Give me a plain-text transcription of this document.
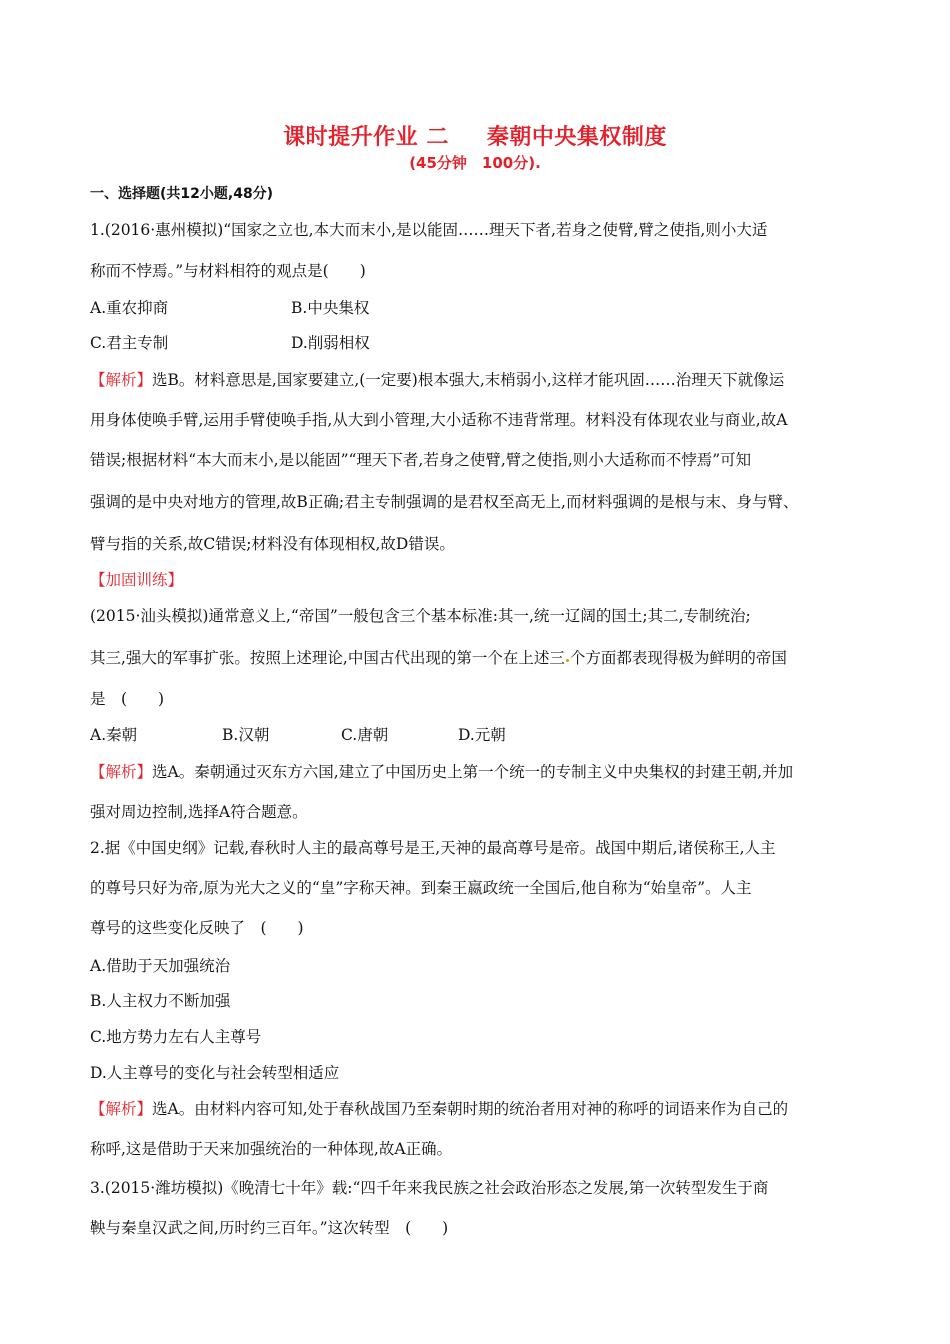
课时提升作业 二 秦朝中央集权制度
(45分钟　100分).
一、选择题(共12小题,48分)
1.(2016·惠州模拟)“国家之立也,本大而末小,是以能固……理天下者,若身之使臂,臂之使指,则小大适
称而不悖焉。”与材料相符的观点是(　　)
A.重农抑商	B.中央集权
C.君主专制	D.削弱相权
【解析】选B。材料意思是,国家要建立,(一定要)根本强大,末梢弱小,这样才能巩固……治理天下就像运
用身体使唤手臂,运用手臂使唤手指,从大到小管理,大小适称不违背常理。材料没有体现农业与商业,故A
错误;根据材料“本大而末小,是以能固”“理天下者,若身之使臂,臂之使指,则小大适称而不悖焉”可知
强调的是中央对地方的管理,故B正确;君主专制强调的是君权至高无上,而材料强调的是根与末、身与臂、
臂与指的关系,故C错误;材料没有体现相权,故D错误。
【加固训练】
(2015·汕头模拟)通常意义上,“帝国”一般包含三个基本标准:其一,统一辽阔的国土;其二,专制统治;
其三,强大的军事扩张。按照上述理论,中国古代出现的第一个在上述三 个方面都表现得极为鲜明的帝国
是　(　　)
A.秦朝	B.汉朝	C.唐朝	D.元朝
【解析】选A。秦朝通过灭东方六国,建立了中国历史上第一个统一的专制主义中央集权的封建王朝,并加
强对周边控制,选择A符合题意。
2.据《中国史纲》记载,春秋时人主的最高尊号是王,天神的最高尊号是帝。战国中期后,诸侯称王,人主
的尊号只好为帝,原为光大之义的“皇”字称天神。到秦王嬴政统一全国后,他自称为“始皇帝”。人主
尊号的这些变化反映了　(　　)
A.借助于天加强统治
B.人主权力不断加强
C.地方势力左右人主尊号
D.人主尊号的变化与社会转型相适应
【解析】选A。由材料内容可知,处于春秋战国乃至秦朝时期的统治者用对神的称呼的词语来作为自己的
称呼,这是借助于天来加强统治的一种体现,故A正确。
3.(2015·潍坊模拟)《晚清七十年》载:“四千年来我民族之社会政治形态之发展,第一次转型发生于商
鞅与秦皇汉武之间,历时约三百年。”这次转型　(　　)
